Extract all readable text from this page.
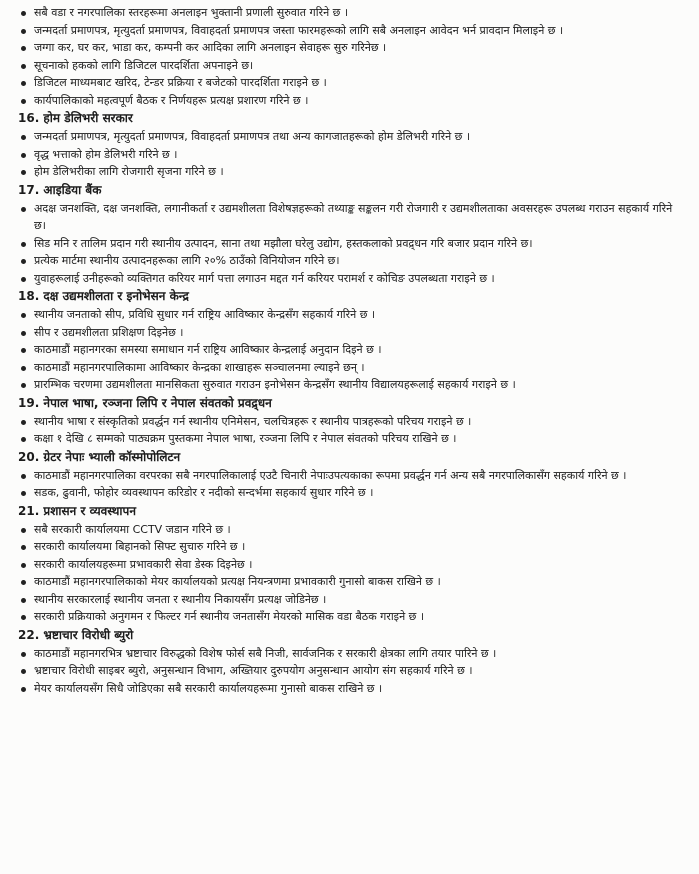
सबै वडा र नगरपालिका स्तरहरूमा अनलाइन भुक्तानी प्रणाली सुरुवात गरिने छ ।
जन्मदर्ता प्रमाणपत्र, मृत्युदर्ता प्रमाणपत्र, विवाहदर्ता प्रमाणपत्र जस्ता फारमहरूको लागि सबै अनलाइन आवेदन भर्न प्रावदान मिलाइने छ ।
जग्गा कर, घर कर, भाडा कर, कम्पनी कर आदिका लागि अनलाइन सेवाहरू सुरु गरिनेछ ।
सूचनाको हकको लागि डिजिटल पारदर्शिता अपनाइने छ।
डिजिटल माध्यमबाट खरिद, टेन्डर प्रक्रिया र बजेटको पारदर्शिता गराइने छ ।
कार्यपालिकाको महत्वपूर्ण बैठक र निर्णयहरू प्रत्यक्ष प्रशारण गरिने छ ।
16. होम डेलिभरी सरकार
जन्मदर्ता प्रमाणपत्र, मृत्युदर्ता प्रमाणपत्र, विवाहदर्ता प्रमाणपत्र तथा अन्य कागजातहरूको होम डेलिभरी गरिने छ ।
वृद्ध भत्ताको होम डेलिभरी गरिने छ ।
होम डेलिभरीका लागि रोजगारी सृजना गरिने छ ।
17. आइडिया बैंक
अदक्ष जनशक्ति, दक्ष जनशक्ति, लगानीकर्ता र उद्यमशीलता विशेषज्ञहरूको तथ्याङ्क सङ्कलन गरी रोजगारी र उद्यमशीलताका अवसरहरू उपलब्ध गराउन सहकार्य गरिने छ।
सिड मनि र तालिम प्रदान गरी स्थानीय उत्पादन, साना तथा मझौला घरेलु उद्योग, हस्तकलाको प्रवद्र्धन गरि बजार प्रदान गरिने छ।
प्रत्येक मार्टमा स्थानीय उत्पादनहरूका लागि २०% ठाउँको विनियोजन गरिने छ।
युवाहरूलाई उनीहरूको व्यक्तिगत करियर मार्ग पत्ता लगाउन मद्दत गर्न करियर परामर्श र कोचिङ उपलब्धता गराइने छ ।
18. दक्ष उद्यमशीलता र इनोभेसन केन्द्र
स्थानीय जनताको सीप, प्रविधि सुधार गर्न राष्ट्रिय आविष्कार केन्द्रसँग सहकार्य गरिने छ ।
सीप र उद्यमशीलता प्रशिक्षण दिइनेछ ।
काठमाडौं महानगरका समस्या समाधान गर्न राष्ट्रिय आविष्कार केन्द्रलाई अनुदान दिइने छ ।
काठमाडौं महानगरपालिकामा आविष्कार केन्द्रका शाखाहरू सञ्चालनमा ल्याइने छन् ।
प्रारम्भिक चरणमा उद्यमशीलता मानसिकता सुरुवात गराउन इनोभेसन केन्द्रसँग स्थानीय विद्यालयहरूलाई सहकार्य गराइने छ ।
19. नेपाल भाषा, रञ्जना लिपि र नेपाल संवतको प्रवद्र्धन
स्थानीय भाषा र संस्कृतिको प्रवर्द्धन गर्न स्थानीय एनिमेसन, चलचित्रहरू र स्थानीय पात्रहरूको परिचय गराइने छ ।
कक्षा १ देखि ८ सम्मको पाठ्यक्रम पुस्तकमा नेपाल भाषा, रञ्जना लिपि र नेपाल संवतको परिचय राखिने छ ।
20. ग्रेटर नेपाः भ्याली कॉस्मोपोलिटन
काठमाडौं महानगरपालिका वरपरका सबै नगरपालिकालाई एउटै चिनारी नेपाःउपत्यकाका रूपमा प्रवर्द्धन गर्न अन्य सबै नगरपालिकासँग सहकार्य गरिने छ ।
सडक, ढुवानी, फोहोर व्यवस्थापन करिडोर र नदीको सन्दर्भमा सहकार्य सुधार गरिने छ ।
21. प्रशासन र व्यवस्थापन
सबै सरकारी कार्यालयमा CCTV जडान गरिने छ ।
सरकारी कार्यालयमा बिहानको सिफ्ट सुचारु गरिने छ ।
सरकारी कार्यालयहरूमा प्रभावकारी सेवा डेस्क दिइनेछ ।
काठमाडौं महानगरपालिकाको मेयर कार्यालयको प्रत्यक्ष नियन्त्रणमा प्रभावकारी गुनासो बाकस राखिने छ ।
स्थानीय सरकारलाई स्थानीय जनता र स्थानीय निकायसँग प्रत्यक्ष जोडिनेछ ।
सरकारी प्रक्रियाको अनुगमन र फिल्टर गर्न स्थानीय जनतासँग मेयरको मासिक वडा बैठक गराइने छ ।
22. भ्रष्टाचार विरोधी ब्युरो
काठमाडौं महानगरभित्र भ्रष्टाचार विरुद्धको विशेष फोर्स सबै निजी, सार्वजनिक र सरकारी क्षेत्रका लागि तयार पारिने छ ।
भ्रष्टाचार विरोधी साइबर ब्युरो, अनुसन्धान विभाग, अख्तियार दुरुपयोग अनुसन्धान आयोग संग सहकार्य गरिने छ ।
मेयर कार्यालयसँग सिधै जोडिएका सबै सरकारी कार्यालयहरूमा गुनासो बाकस राखिने छ ।
